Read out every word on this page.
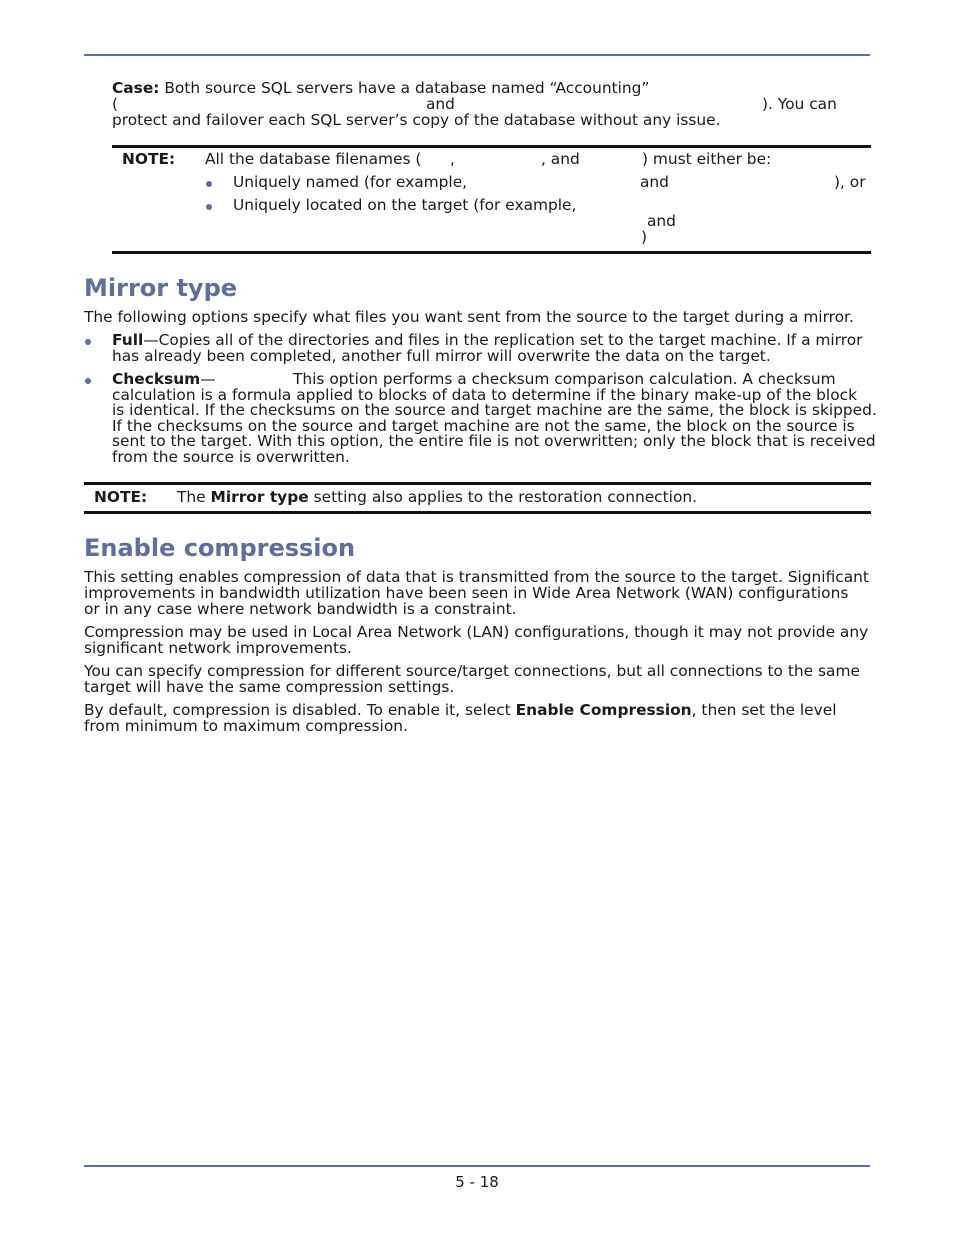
Case: Both source SQL servers have a database named “Accounting”
(	and	). You can
protect and failover each SQL server’s copy of the database without any issue.
NOTE: All the database filenames ( ,	, and	) must either be:
Uniquely named (for example,	and	), or
Uniquely located on the target (for example,
and
)
Mirror type
The following options specify what files you want sent from the source to the target during a mirror.
Full—Copies all of the directories and files in the replication set to the target machine. If a mirror
has already been completed, another full mirror will overwrite the data on the target.
Checksum—	This option performs a checksum comparison calculation. A checksum
calculation is a formula applied to blocks of data to determine if the binary make-up of the block
is identical. If the checksums on the source and target machine are the same, the block is skipped.
If the checksums on the source and target machine are not the same, the block on the source is
sent to the target. With this option, the entire file is not overwritten; only the block that is received
from the source is overwritten.
NOTE: The Mirror type setting also applies to the restoration connection.
Enable compression
This setting enables compression of data that is transmitted from the source to the target. Significant
improvements in bandwidth utilization have been seen in Wide Area Network (WAN) configurations
or in any case where network bandwidth is a constraint.
Compression may be used in Local Area Network (LAN) configurations, though it may not provide any
significant network improvements.
You can specify compression for different source/target connections, but all connections to the same
target will have the same compression settings.
By default, compression is disabled. To enable it, select Enable Compression, then set the level
from minimum to maximum compression.
5 - 18
